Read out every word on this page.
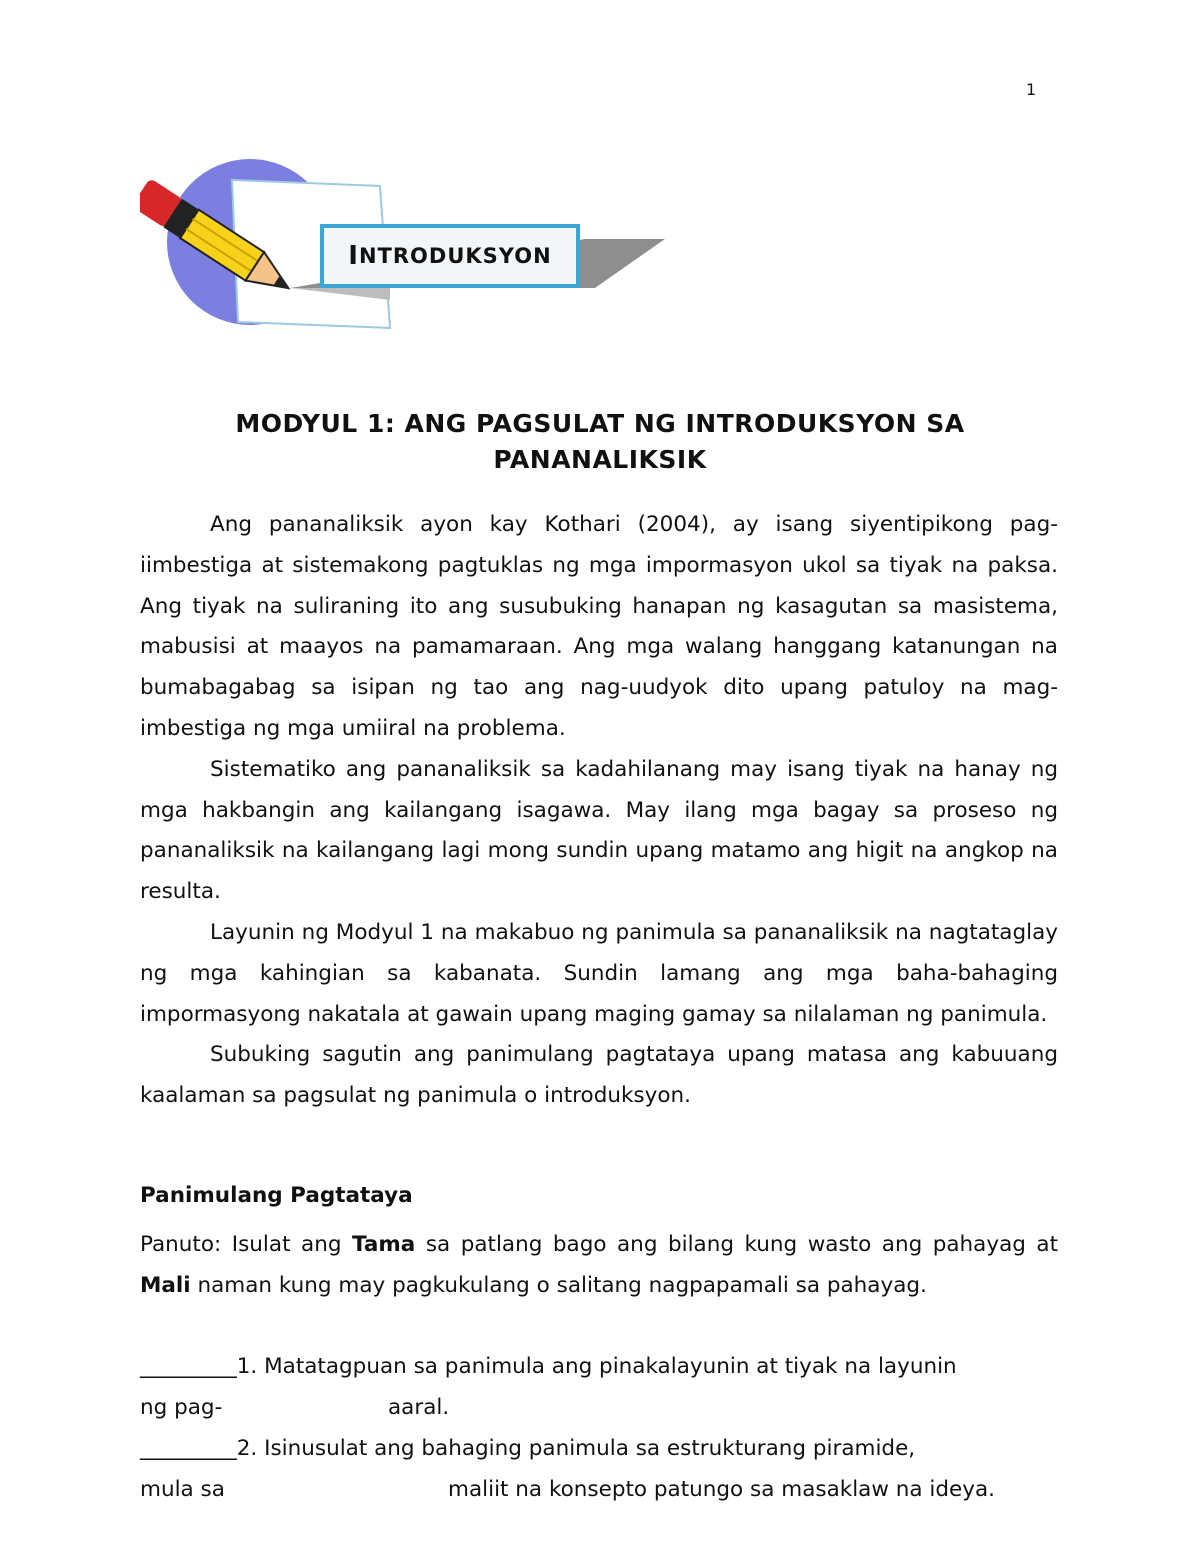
1
I NTRODUKSYON
MODYUL 1: ANG PAGSULAT NG INTRODUKSYON SA
PANANALIKSIK

Ang pananaliksik ayon kay Kothari (2004), ay isang siyentipikong pag-iimbestiga at sistemakong pagtuklas ng mga impormasyon ukol sa tiyak na paksa. Ang tiyak na suliraning ito ang susubuking hanapan ng kasagutan sa masistema, mabusisi at maayos na pamamaraan. Ang mga walang hanggang katanungan na bumabagabag sa isipan ng tao ang nag-uudyok dito upang patuloy na mag-imbestiga ng mga umiiral na problema.

Sistematiko ang pananaliksik sa kadahilanang may isang tiyak na hanay ng mga hakbangin ang kailangang isagawa. May ilang mga bagay sa proseso ng pananaliksik na kailangang lagi mong sundin upang matamo ang higit na angkop na resulta.

Layunin ng Modyul 1 na makabuo ng panimula sa pananaliksik na nagtataglay ng mga kahingian sa kabanata. Sundin lamang ang mga baha-bahaging impormasyong nakatala at gawain upang maging gamay sa nilalaman ng panimula.

Subuking sagutin ang panimulang pagtataya upang matasa ang kabuuang kaalaman sa pagsulat ng panimula o introduksyon.

Panimulang Pagtataya

Panuto: Isulat ang Tama sa patlang bago ang bilang kung wasto ang pahayag at Mali naman kung may pagkukulang o salitang nagpapamali sa pahayag.

_________1. Matatagpuan sa panimula ang pinakalayunin at tiyak na layunin
ng pag-	aaral.
_________2. Isinusulat ang bahaging panimula sa estrukturang piramide,
mula sa	maliit na konsepto patungo sa masaklaw na ideya.
